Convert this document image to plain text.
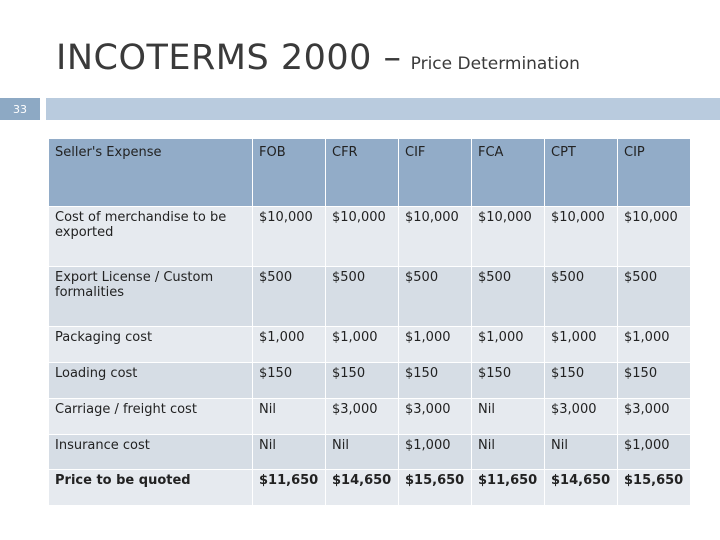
INCOTERMS 2000 – Price Determination
33
Seller's Expense	FOB	CFR	CIF	FCA	CPT	CIP
Cost of merchandise to be exported	$10,000	$10,000	$10,000	$10,000	$10,000	$10,000
Export License / Custom formalities	$500	$500	$500	$500	$500	$500
Packaging cost	$1,000	$1,000	$1,000	$1,000	$1,000	$1,000
Loading cost	$150	$150	$150	$150	$150	$150
Carriage / freight cost	Nil	$3,000	$3,000	Nil	$3,000	$3,000
Insurance cost	Nil	Nil	$1,000	Nil	Nil	$1,000
Price to be quoted	$11,650	$14,650	$15,650	$11,650	$14,650	$15,650
